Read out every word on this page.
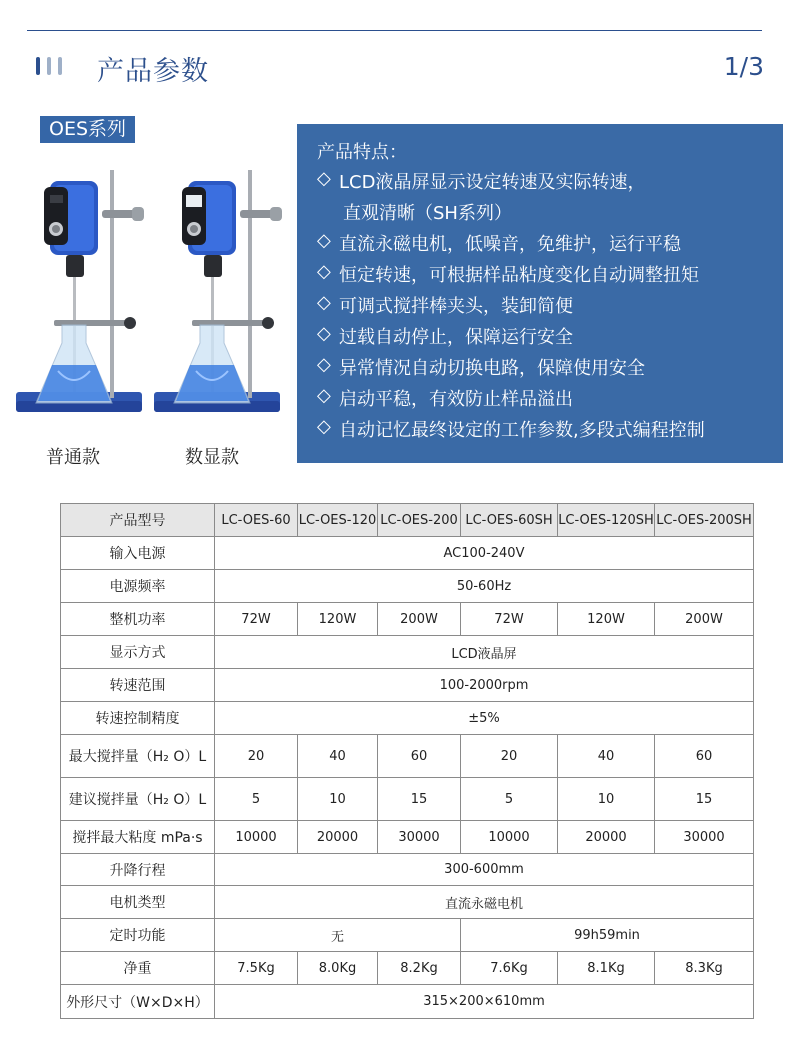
产品参数	1/3
OES系列
普通款	数显款
产品特点：
◇ LCD液晶屏显示设定转速及实际转速，
直观清晰（SH系列）
◇ 直流永磁电机，低噪音，免维护，运行平稳
◇ 恒定转速，可根据样品粘度变化自动调整扭矩
◇ 可调式搅拌棒夹头，装卸简便
◇ 过载自动停止，保障运行安全
◇ 异常情况自动切换电路，保障使用安全
◇ 启动平稳，有效防止样品溢出
◇ 自动记忆最终设定的工作参数,多段式编程控制
产品型号	LC-OES-60	LC-OES-120	LC-OES-200	LC-OES-60SH	LC-OES-120SH	LC-OES-200SH
输入电源	AC100-240V					
电源频率	50-60Hz					
整机功率	72W	120W	200W	72W	120W	200W
显示方式	LCD液晶屏					
转速范围	100-2000rpm					
转速控制精度	±5%					
最大搅拌量（H₂ O）L	20	40	60	20	40	60
建议搅拌量（H₂ O）L	5	10	15	5	10	15
搅拌最大粘度 mPa·s	10000	20000	30000	10000	20000	30000
升降行程	300-600mm					
电机类型	直流永磁电机					
定时功能	无			99h59min		
净重	7.5Kg	8.0Kg	8.2Kg	7.6Kg	8.1Kg	8.3Kg
外形尺寸（W×D×H）	315×200×610mm					
